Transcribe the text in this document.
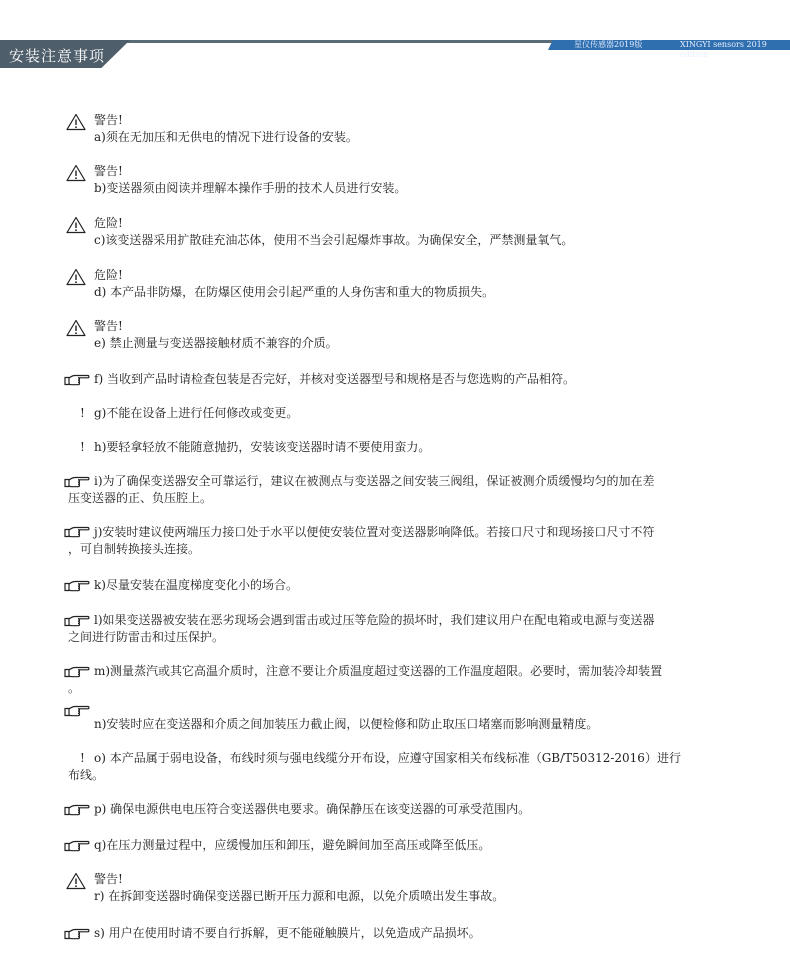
安装注意事项
星仪传感器2019版	XINGYI sensors 2019 edition
警告!
a)须在无加压和无供电的情况下进行设备的安装。
警告!
b)变送器须由阅读并理解本操作手册的技术人员进行安装。
危险!
c)该变送器采用扩散硅充油芯体，使用不当会引起爆炸事故。为确保安全，严禁测量氧气。
危险!
d) 本产品非防爆，在防爆区使用会引起严重的人身伤害和重大的物质损失。
警告!
e) 禁止测量与变送器接触材质不兼容的介质。
f) 当收到产品时请检查包装是否完好，并核对变送器型号和规格是否与您选购的产品相符。
! g)不能在设备上进行任何修改或变更。
! h)要轻拿轻放不能随意抛扔，安装该变送器时请不要使用蛮力。
i)为了确保变送器安全可靠运行，建议在被测点与变送器之间安装三阀组，保证被测介质缓慢均匀的加在差
压变送器的正、负压腔上。
j)安装时建议使两端压力接口处于水平以便使安装位置对变送器影响降低。若接口尺寸和现场接口尺寸不符
，可自制转换接头连接。
k)尽量安装在温度梯度变化小的场合。
l)如果变送器被安装在恶劣现场会遇到雷击或过压等危险的损坏时，我们建议用户在配电箱或电源与变送器
之间进行防雷击和过压保护。
m)测量蒸汽或其它高温介质时，注意不要让介质温度超过变送器的工作温度超限。必要时，需加装冷却装置
。
n)安装时应在变送器和介质之间加装压力截止阀，以便检修和防止取压口堵塞而影响测量精度。
! o) 本产品属于弱电设备，布线时须与强电线缆分开布设，应遵守国家相关布线标准（GB/T50312-2016）进行
布线。
p) 确保电源供电电压符合变送器供电要求。确保静压在该变送器的可承受范围内。
q)在压力测量过程中，应缓慢加压和卸压，避免瞬间加至高压或降至低压。
警告!
r) 在拆卸变送器时确保变送器已断开压力源和电源，以免介质喷出发生事故。
s) 用户在使用时请不要自行拆解，更不能碰触膜片，以免造成产品损坏。
